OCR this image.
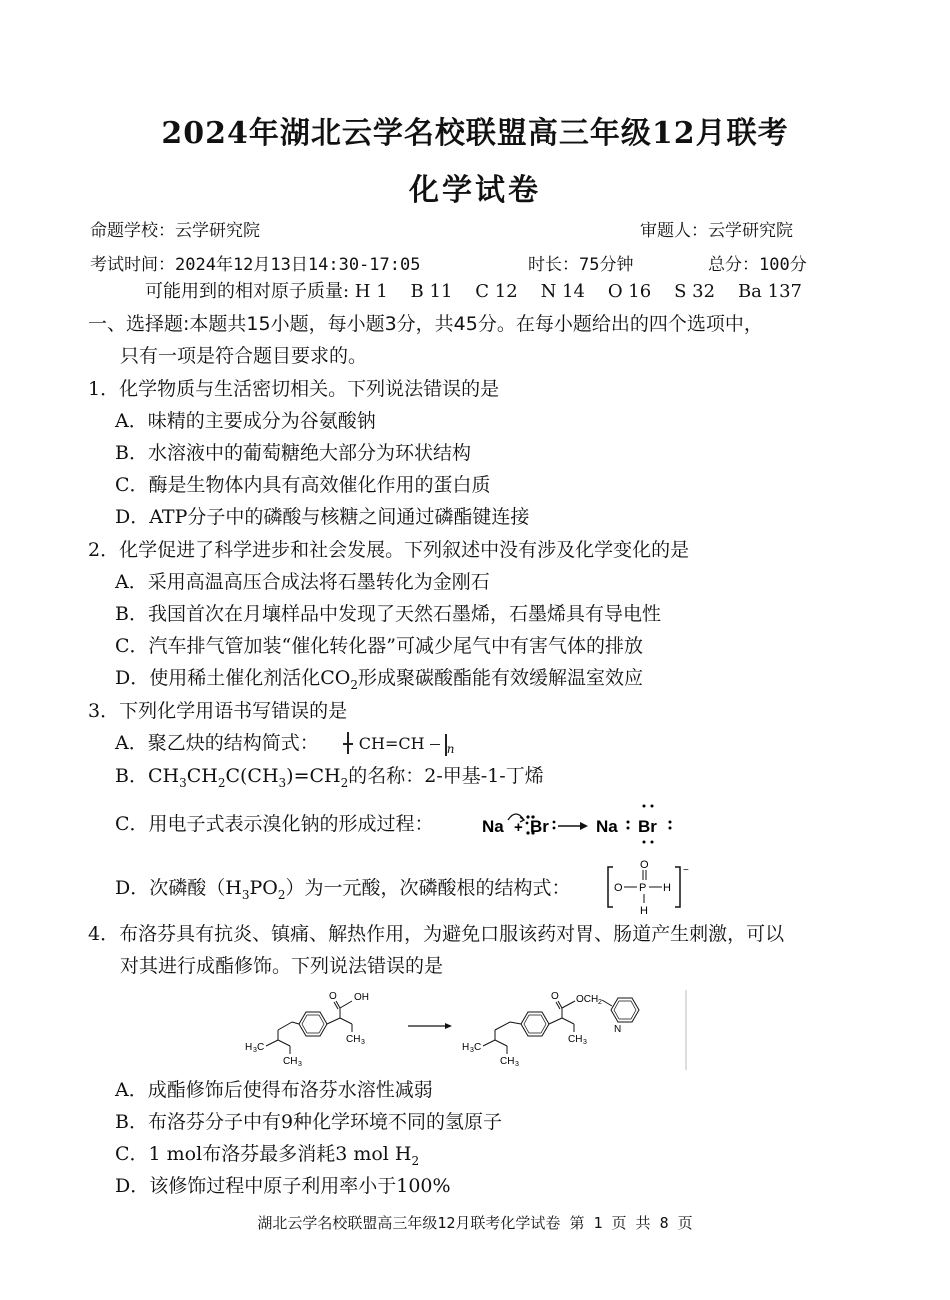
2024年湖北云学名校联盟高三年级12月联考
化学试卷
命题学校：云学研究院	审题人：云学研究院
考试时间：2024年12月13日14:30-17:05	时长：75分钟	总分：100分
可能用到的相对原子质量: H 1    B 11    C 12    N 14    O 16    S 32    Ba 137
一、选择题:本题共15小题，每小题3分，共45分。在每小题给出的四个选项中，
只有一项是符合题目要求的。
1．化学物质与生活密切相关。下列说法错误的是
A．味精的主要成分为谷氨酸钠
B．水溶液中的葡萄糖绝大部分为环状结构
C．酶是生物体内具有高效催化作用的蛋白质
D．ATP分子中的磷酸与核糖之间通过磷酯键连接
2．化学促进了科学进步和社会发展。下列叙述中没有涉及化学变化的是
A．采用高温高压合成法将石墨转化为金刚石
B．我国首次在月壤样品中发现了天然石墨烯，石墨烯具有导电性
C．汽车排气管加装“催化转化器”可减少尾气中有害气体的排放
D．使用稀土催化剂活化$CO_2$形成聚碳酸酯能有效缓解温室效应
3．下列化学用语书写错误的是
A．聚乙炔的结构简式：	CH=CH $_n$
B．$CH_3CH_2C(CH_3)=CH_2$的名称：2-甲基-1-丁烯
C．用电子式表示溴化钠的形成过程：	Na + Br	Na Br
D．次磷酸$(H_3PO_2)$为一元酸，次磷酸根的结构式：
−
O
O P H
H
4．布洛芬具有抗炎、镇痛、解热作用，为避免口服该药对胃、肠道产生刺激，可以
对其进行成酯修饰。下列说法错误的是
H 3 C
CH 3
O OH
CH 3	H 3 C
CH 3
O OCH 2
N
CH 3
A．成酯修饰后使得布洛芬水溶性减弱
B．布洛芬分子中有9种化学环境不同的氢原子
C．1 mol布洛芬最多消耗3 mol $H_2$
D．该修饰过程中原子利用率小于100%
湖北云学名校联盟高三年级12月联考化学试卷 第 1 页 共 8 页
